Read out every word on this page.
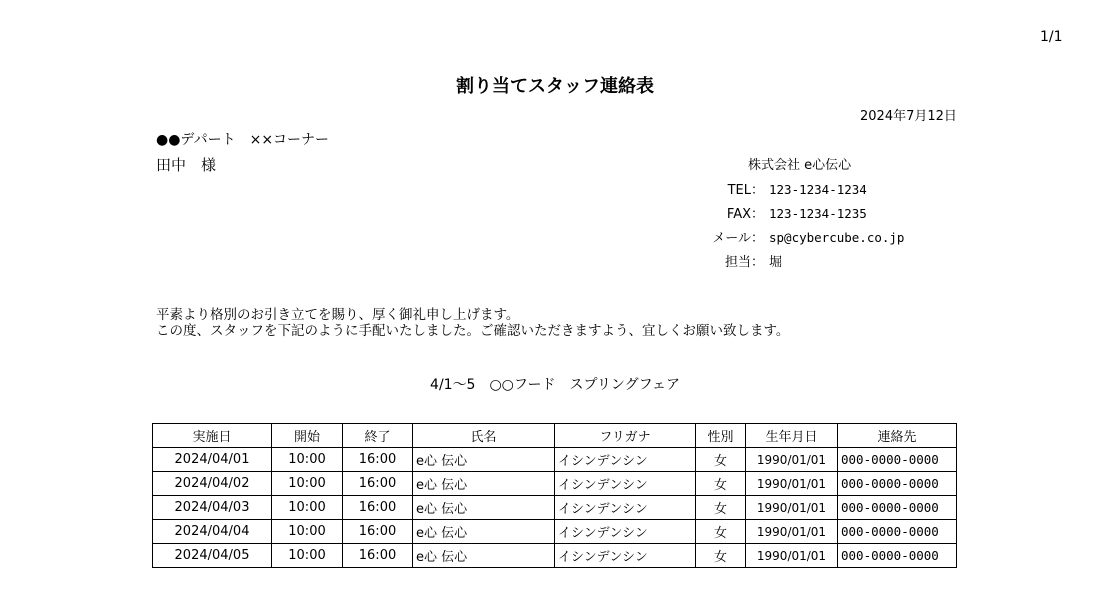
1/1
割り当てスタッフ連絡表
2024年7月12日
●●デパート　××コーナー
田中　様	株式会社 e心伝心
TEL： 123-1234-1234
FAX： 123-1234-1235
メール： sp@cybercube.co.jp
担当： 堀
平素より格別のお引き立てを賜り、厚く御礼申し上げます。
この度、スタッフを下記のように手配いたしました。ご確認いただきますよう、宜しくお願い致します。
4/1～5　○○フード　スプリングフェア
実施日	開始	終了	氏名	フリガナ	性別	生年月日	連絡先
2024/04/01	10:00	16:00	e心 伝心	イシンデンシン	女	1990/01/01	000-0000-0000
2024/04/02	10:00	16:00	e心 伝心	イシンデンシン	女	1990/01/01	000-0000-0000
2024/04/03	10:00	16:00	e心 伝心	イシンデンシン	女	1990/01/01	000-0000-0000
2024/04/04	10:00	16:00	e心 伝心	イシンデンシン	女	1990/01/01	000-0000-0000
2024/04/05	10:00	16:00	e心 伝心	イシンデンシン	女	1990/01/01	000-0000-0000
